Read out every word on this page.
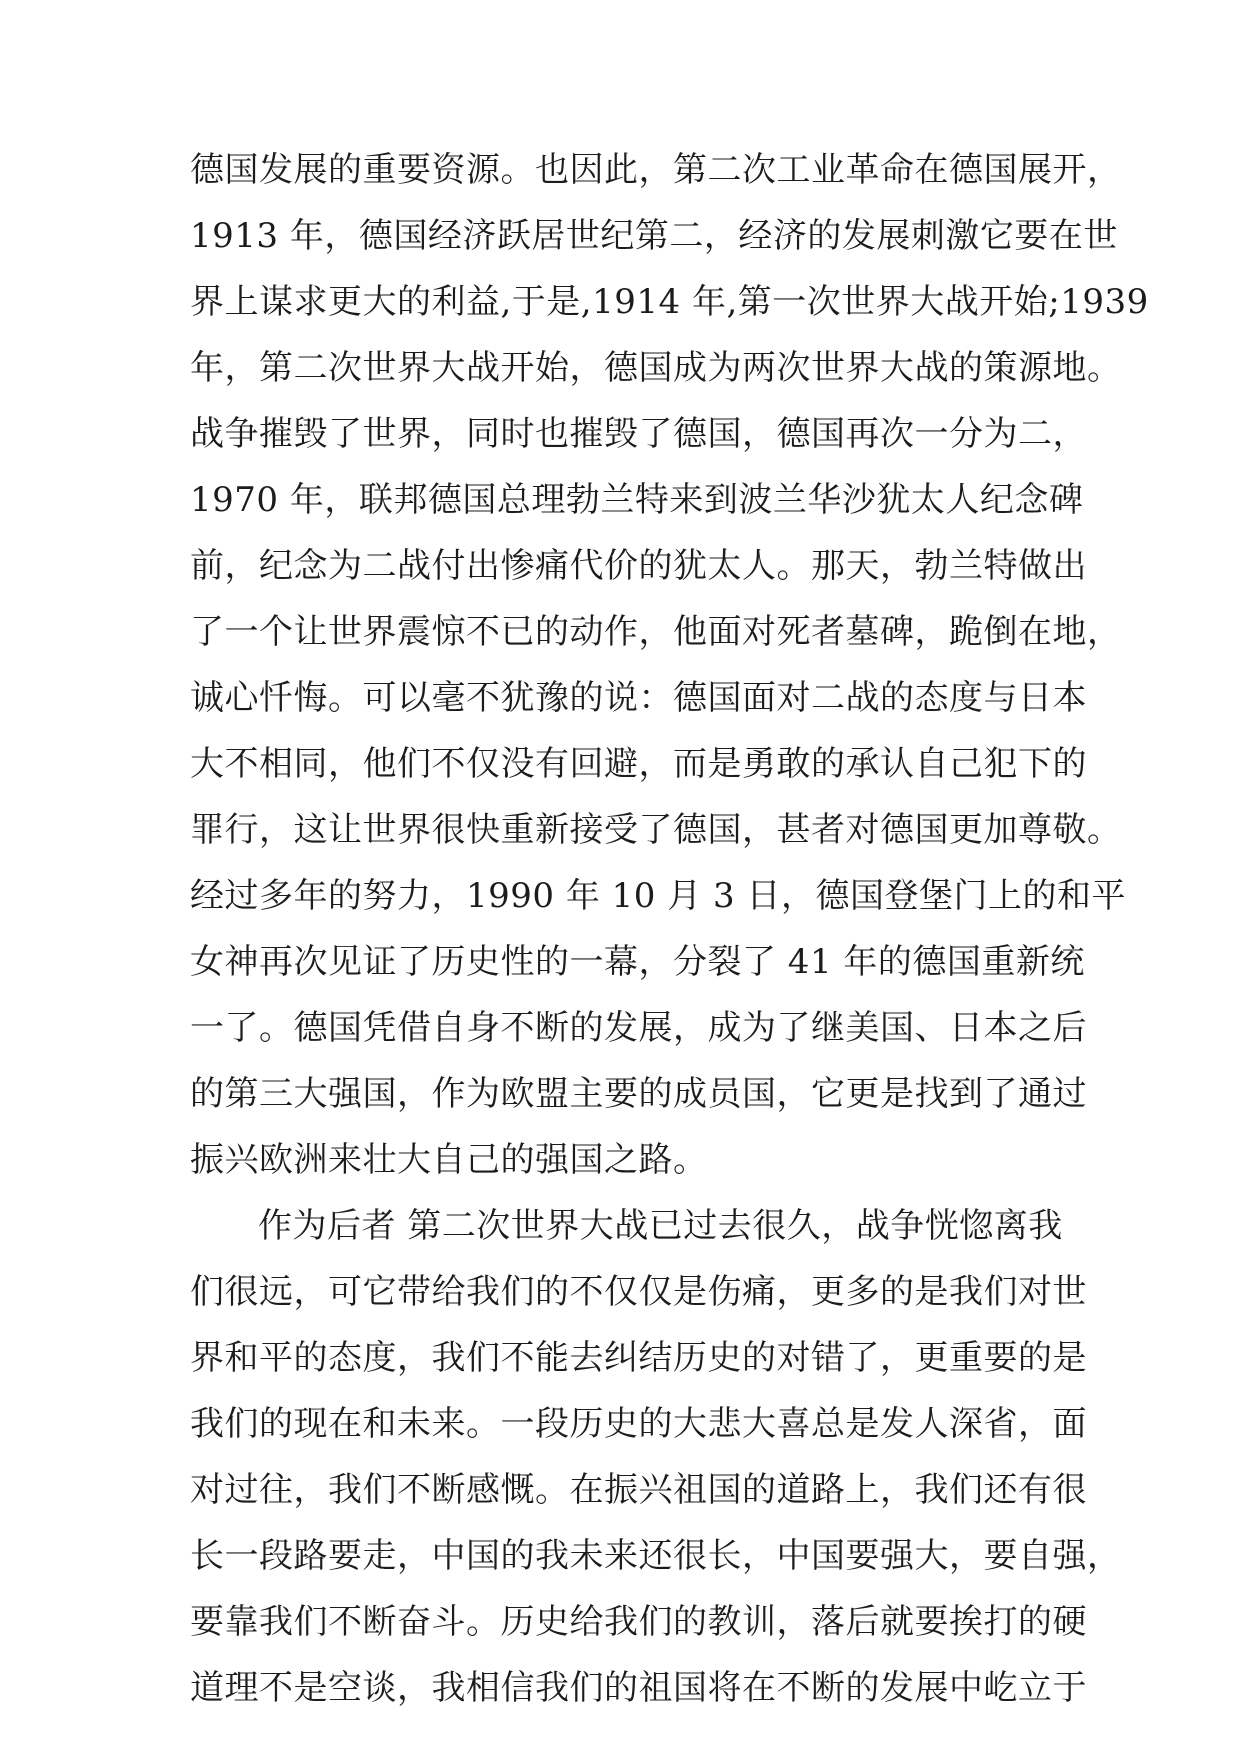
德国发展的重要资源。也因此，第二次工业革命在德国展开，
1913 年，德国经济跃居世纪第二，经济的发展刺激它要在世
界上谋求更大的利益,于是,1914 年,第一次世界大战开始;1939
年，第二次世界大战开始，德国成为两次世界大战的策源地。
战争摧毁了世界，同时也摧毁了德国，德国再次一分为二，
1970 年，联邦德国总理勃兰特来到波兰华沙犹太人纪念碑
前，纪念为二战付出惨痛代价的犹太人。那天，勃兰特做出
了一个让世界震惊不已的动作，他面对死者墓碑，跪倒在地，
诚心忏悔。可以毫不犹豫的说：德国面对二战的态度与日本
大不相同，他们不仅没有回避，而是勇敢的承认自己犯下的
罪行，这让世界很快重新接受了德国，甚者对德国更加尊敬。
经过多年的努力，1990 年 10 月 3 日，德国登堡门上的和平
女神再次见证了历史性的一幕，分裂了 41 年的德国重新统
一了。德国凭借自身不断的发展，成为了继美国、日本之后
的第三大强国，作为欧盟主要的成员国，它更是找到了通过
振兴欧洲来壮大自己的强国之路。
作为后者 第二次世界大战已过去很久，战争恍惚离我
们很远，可它带给我们的不仅仅是伤痛，更多的是我们对世
界和平的态度，我们不能去纠结历史的对错了，更重要的是
我们的现在和未来。一段历史的大悲大喜总是发人深省，面
对过往，我们不断感慨。在振兴祖国的道路上，我们还有很
长一段路要走，中国的我未来还很长，中国要强大，要自强，
要靠我们不断奋斗。历史给我们的教训，落后就要挨打的硬
道理不是空谈，我相信我们的祖国将在不断的发展中屹立于
